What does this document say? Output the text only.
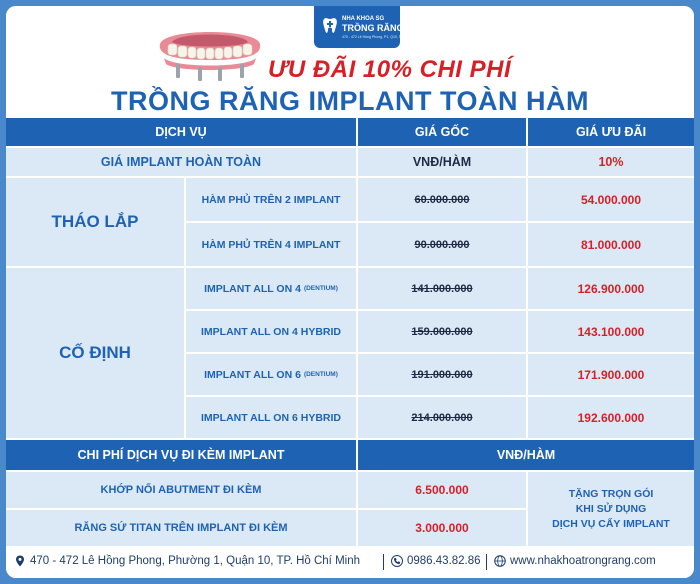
NHA KHOA SG
TRỒNG RĂNG
470 - 472 Lê Hồng Phong, P1, Q10, TP.HCM
ƯU ĐÃI 10% CHI PHÍ
TRỒNG RĂNG IMPLANT TOÀN HÀM
DỊCH VỤ	GIÁ GỐC	GIÁ ƯU ĐÃI
GIÁ IMPLANT HOÀN TOÀN	VNĐ/HÀM	10%
THÁO LẮP
HÀM PHỦ TRÊN 2 IMPLANT	60.000.000	54.000.000
HÀM PHỦ TRÊN 4 IMPLANT	90.000.000	81.000.000
CỐ ĐỊNH
IMPLANT ALL ON 4 (DENTIUM)	141.000.000	126.900.000
IMPLANT ALL ON 4 HYBRID	159.000.000	143.100.000
IMPLANT ALL ON 6 (DENTIUM)	191.000.000	171.900.000
IMPLANT ALL ON 6 HYBRID	214.000.000	192.600.000
CHI PHÍ DỊCH VỤ ĐI KÈM IMPLANT	VNĐ/HÀM
KHỚP NỐI ABUTMENT ĐI KÈM	6.500.000
RĂNG SỨ TITAN TRÊN IMPLANT ĐI KÈM	3.000.000
TẶNG TRỌN GÓI
KHI SỬ DỤNG
DỊCH VỤ CẤY IMPLANT
470 - 472 Lê Hồng Phong, Phường 1, Quận 10, TP. Hồ Chí Minh	0986.43.82.86	www.nhakhoatrongrang.com
